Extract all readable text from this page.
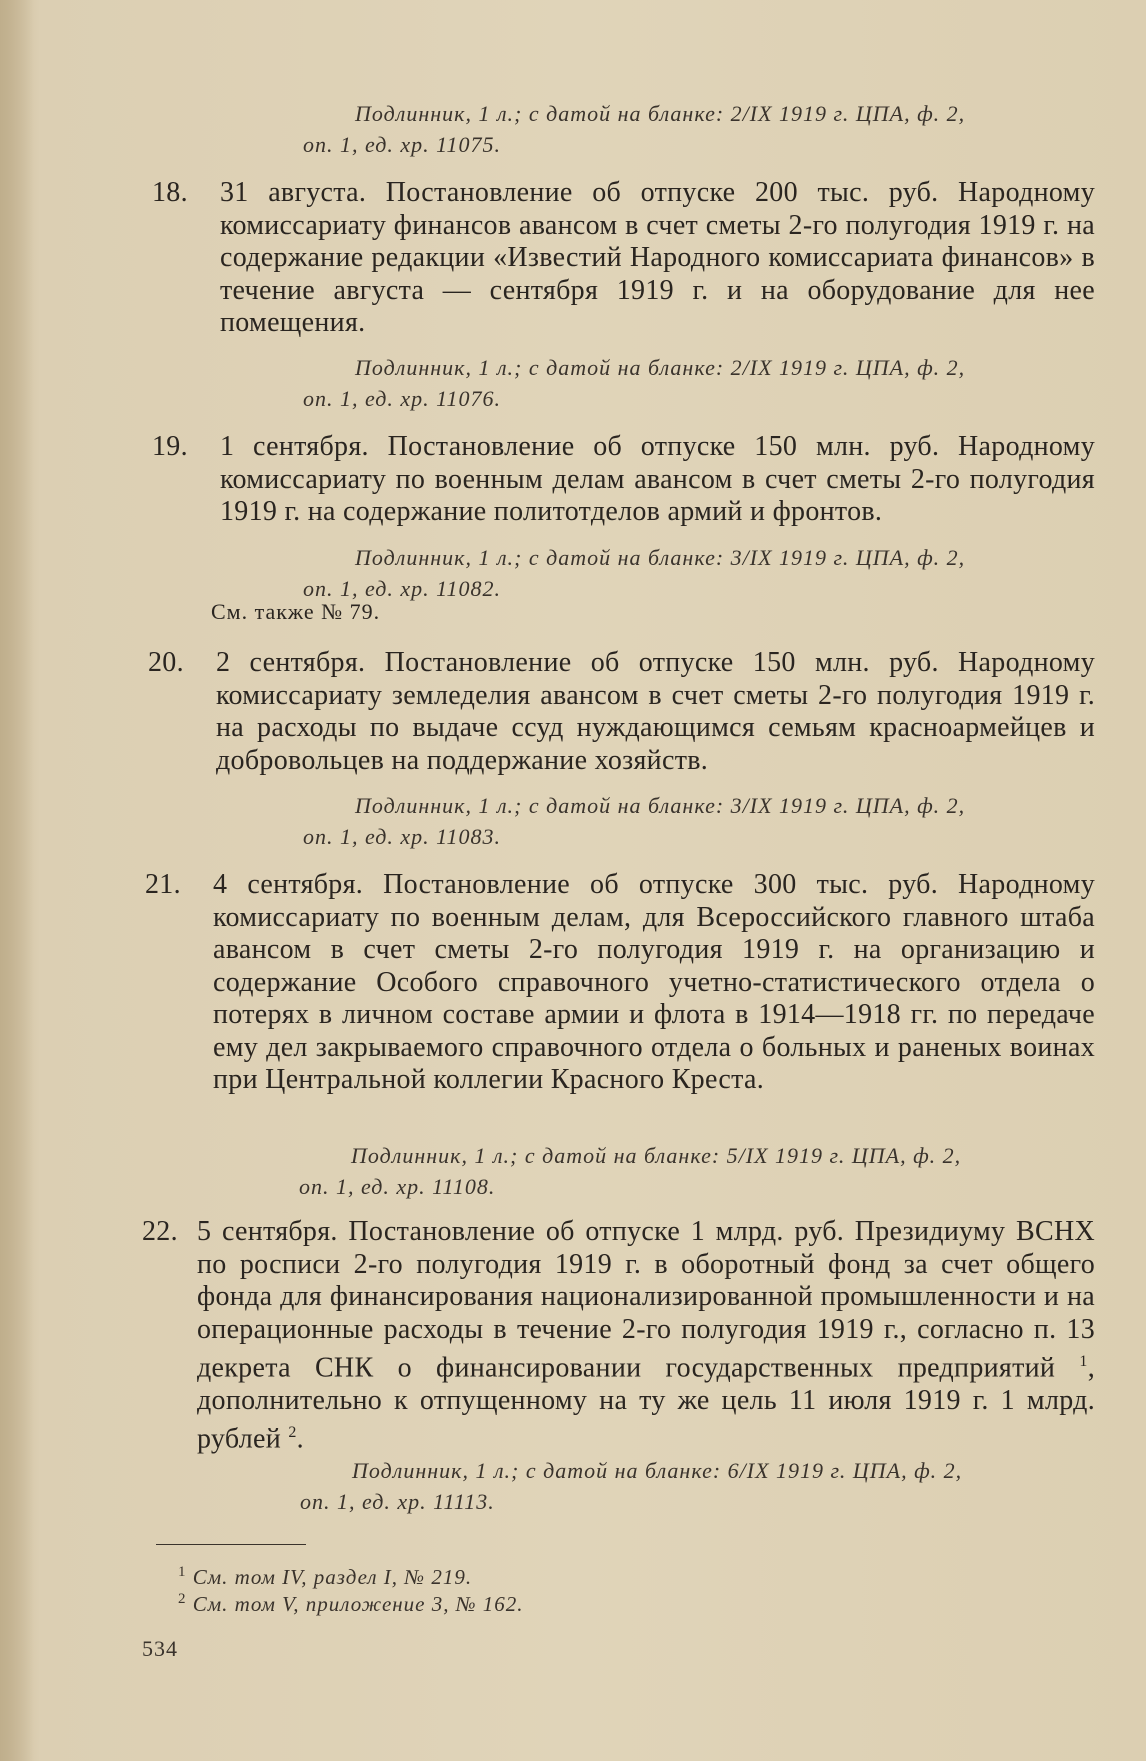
Подлинник, 1 л.; с датой на бланке: 2/IX 1919 г. ЦПА, ф. 2,
оп. 1, ед. хр. 11075.
18.	31 августа. Постановление об отпуске 200 тыс. руб. Народному комиссариату финансов авансом в счет сметы 2-го полугодия 1919 г. на содержание редакции «Известий Народного комиссариата финансов» в течение августа — сентября 1919 г. и на оборудование для нее помещения.
Подлинник, 1 л.; с датой на бланке: 2/IX 1919 г. ЦПА, ф. 2,
оп. 1, ед. хр. 11076.
19.	1 сентября. Постановление об отпуске 150 млн. руб. Народному комиссариату по военным делам авансом в счет сметы 2-го полугодия 1919 г. на содержание политотделов армий и фронтов.
Подлинник, 1 л.; с датой на бланке: 3/IX 1919 г. ЦПА, ф. 2,
оп. 1, ед. хр. 11082.
См. также № 79.
20.	2 сентября. Постановление об отпуске 150 млн. руб. Народному комиссариату земледелия авансом в счет сметы 2-го полугодия 1919 г. на расходы по выдаче ссуд нуждающимся семьям красноармейцев и добровольцев на поддержание хозяйств.
Подлинник, 1 л.; с датой на бланке: 3/IX 1919 г. ЦПА, ф. 2,
оп. 1, ед. хр. 11083.
21.	4 сентября. Постановление об отпуске 300 тыс. руб. Народному комиссариату по военным делам, для Всероссийского главного штаба авансом в счет сметы 2-го полугодия 1919 г. на организацию и содержание Особого справочного учетно-статистического отдела о потерях в личном составе армии и флота в 1914—1918 гг. по передаче ему дел закрываемого справочного отдела о больных и раненых воинах при Центральной коллегии Красного Креста.
Подлинник, 1 л.; с датой на бланке: 5/IX 1919 г. ЦПА, ф. 2,
оп. 1, ед. хр. 11108.
22. 5 сентября. Постановление об отпуске 1 млрд. руб. Президиуму ВСНХ по росписи 2-го полугодия 1919 г. в оборотный фонд за счет общего фонда для финансирования национализированной промышленности и на операционные расходы в течение 2-го полугодия 1919 г., согласно п. 13 декрета СНК о финансировании государственных предприятий $^1$, дополнительно к отпущенному на ту же цель 11 июля 1919 г. 1 млрд. рублей $^2$.
Подлинник, 1 л.; с датой на бланке: 6/IX 1919 г. ЦПА, ф. 2,
оп. 1, ед. хр. 11113.
$^1$ См. том IV, раздел I, № 219.
$^2$ См. том V, приложение 3, № 162.
534
